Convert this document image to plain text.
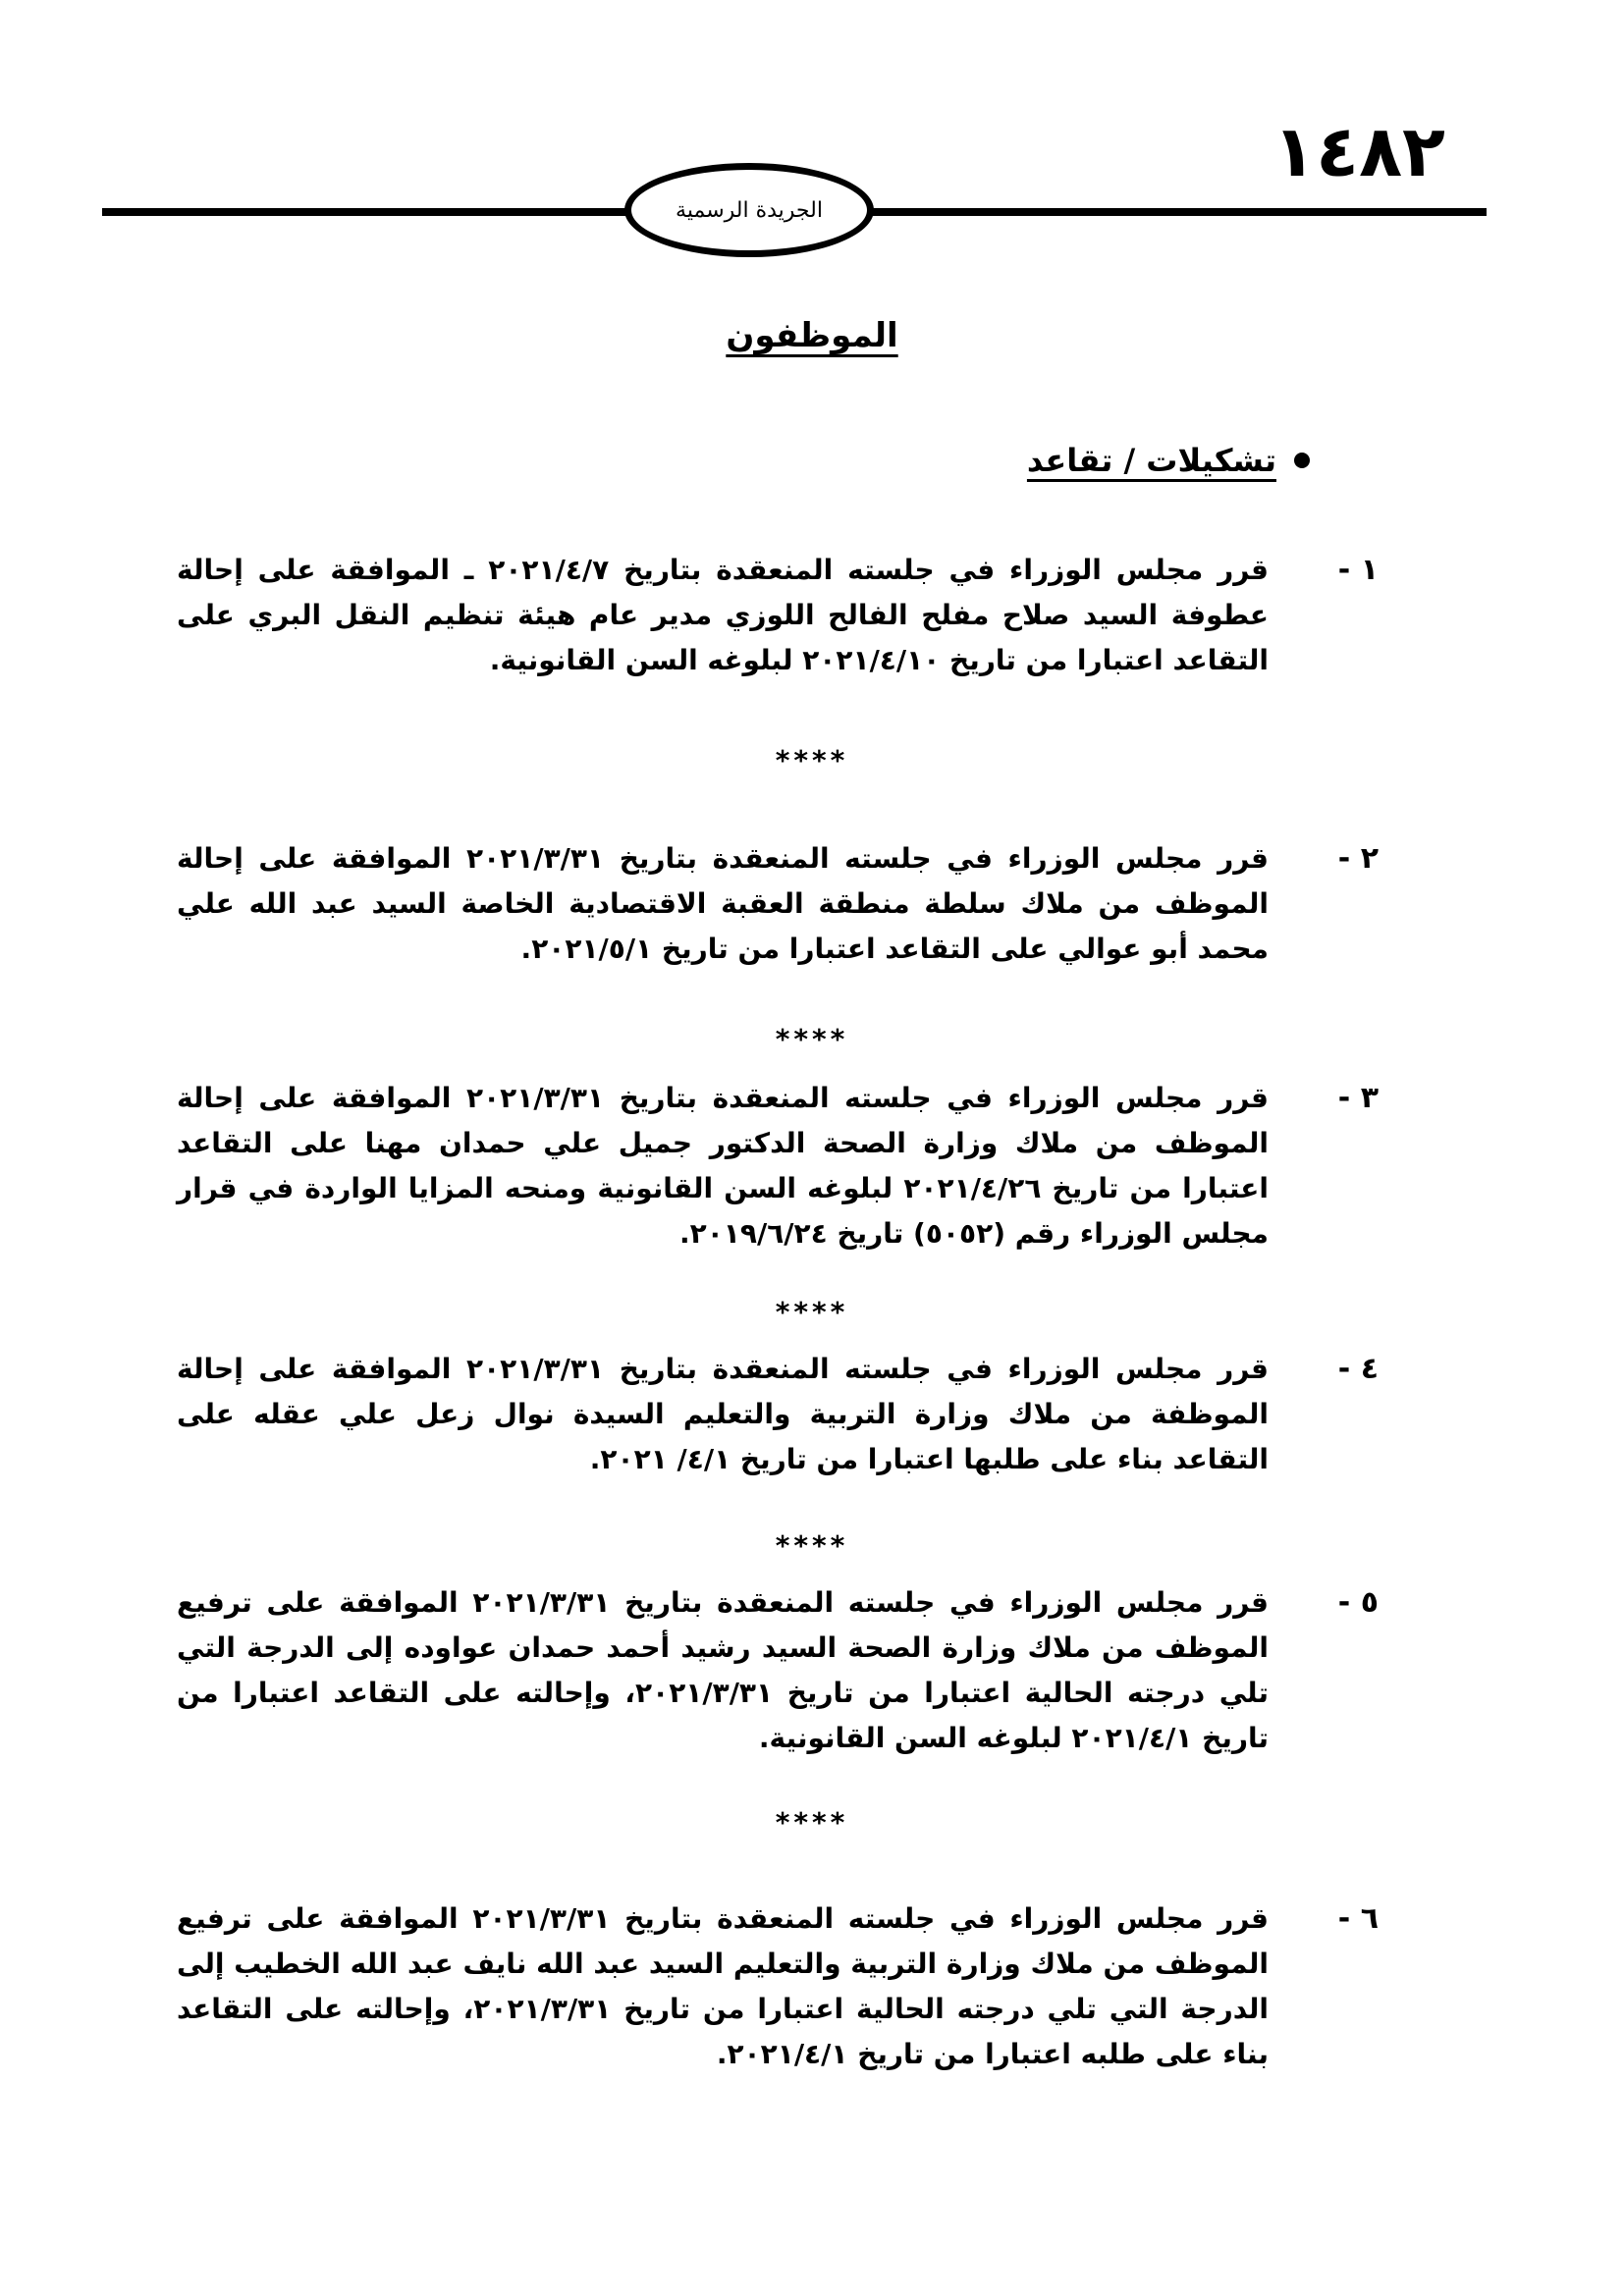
١٤٨٢
الجريدة الرسمية
الموظفون
تشكيلات / تقاعد
١ -
قرر مجلس الوزراء في جلسته المنعقدة بتاريخ ٢٠٢١/٤/٧ ـ الموافقة على إحالة عطوفة السيد صلاح مفلح الفالح اللوزي مدير عام هيئة تنظيم النقل البري على التقاعد اعتبارا من تاريخ ٢٠٢١/٤/١٠ لبلوغه السن القانونية.
****
٢ -
قرر مجلس الوزراء في جلسته المنعقدة بتاريخ ٢٠٢١/٣/٣١ الموافقة على إحالة الموظف من ملاك سلطة منطقة العقبة الاقتصادية الخاصة السيد عبد الله علي محمد أبو عوالي على التقاعد اعتبارا من تاريخ ٢٠٢١/٥/١.
****
٣ -
قرر مجلس الوزراء في جلسته المنعقدة بتاريخ ٢٠٢١/٣/٣١ الموافقة على إحالة الموظف من ملاك وزارة الصحة الدكتور جميل علي حمدان مهنا على التقاعد اعتبارا من تاريخ ٢٠٢١/٤/٢٦ لبلوغه السن القانونية ومنحه المزايا الواردة في قرار مجلس الوزراء رقم (٥٠٥٢) تاريخ ٢٠١٩/٦/٢٤.
****
٤ -
قرر مجلس الوزراء في جلسته المنعقدة بتاريخ ٢٠٢١/٣/٣١ الموافقة على إحالة الموظفة من ملاك وزارة التربية والتعليم السيدة نوال زعل علي عقله على التقاعد بناء على طلبها اعتبارا من تاريخ ٤/١/ ٢٠٢١.
****
٥ -
قرر مجلس الوزراء في جلسته المنعقدة بتاريخ ٢٠٢١/٣/٣١ الموافقة على ترفيع الموظف من ملاك وزارة الصحة السيد رشيد أحمد حمدان عواوده إلى الدرجة التي تلي درجته الحالية اعتبارا من تاريخ ٢٠٢١/٣/٣١، وإحالته على التقاعد اعتبارا من تاريخ ٢٠٢١/٤/١ لبلوغه السن القانونية.
****
٦ -
قرر مجلس الوزراء في جلسته المنعقدة بتاريخ ٢٠٢١/٣/٣١ الموافقة على ترفيع الموظف من ملاك وزارة التربية والتعليم السيد عبد الله نايف عبد الله الخطيب إلى الدرجة التي تلي درجته الحالية اعتبارا من تاريخ ٢٠٢١/٣/٣١، وإحالته على التقاعد بناء على طلبه اعتبارا من تاريخ ٢٠٢١/٤/١.
